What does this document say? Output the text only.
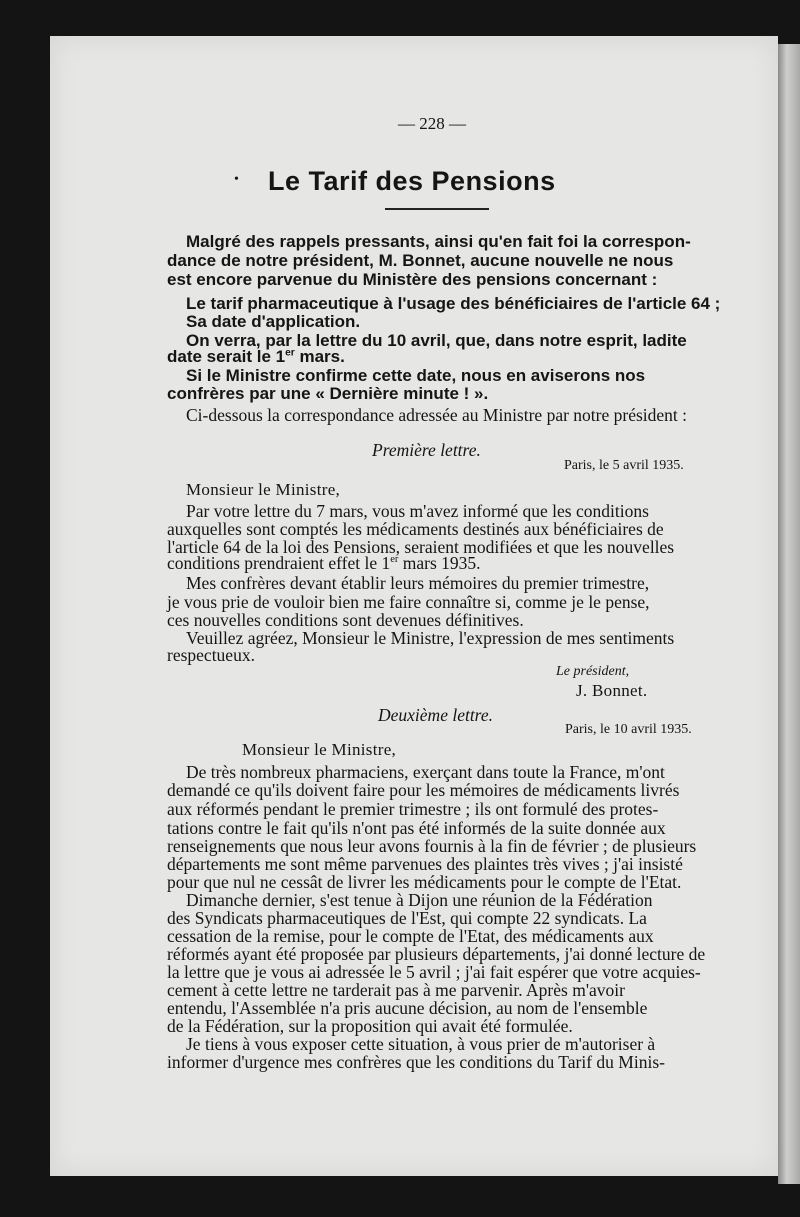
— 228 —
• Le Tarif des Pensions
Malgré des rappels pressants, ainsi qu'en fait foi la correspon-
dance de notre président, M. Bonnet, aucune nouvelle ne nous
est encore parvenue du Ministère des pensions concernant :
Le tarif pharmaceutique à l'usage des bénéficiaires de l'article 64 ;
Sa date d'application.
On verra, par la lettre du 10 avril, que, dans notre esprit, ladite
date serait le 1er mars.
Si le Ministre confirme cette date, nous en aviserons nos
confrères par une « Dernière minute ! ».
Ci-dessous la correspondance adressée au Ministre par notre président :
Première lettre.
Paris, le 5 avril 1935.
Monsieur le Ministre,
Par votre lettre du 7 mars, vous m'avez informé que les conditions
auxquelles sont comptés les médicaments destinés aux bénéficiaires de
l'article 64 de la loi des Pensions, seraient modifiées et que les nouvelles
conditions prendraient effet le 1er mars 1935.
Mes confrères devant établir leurs mémoires du premier trimestre,
je vous prie de vouloir bien me faire connaître si, comme je le pense,
ces nouvelles conditions sont devenues définitives.
Veuillez agréez, Monsieur le Ministre, l'expression de mes sentiments
respectueux.
Le président,
J. Bonnet.
Deuxième lettre.
Paris, le 10 avril 1935.
Monsieur le Ministre,
De très nombreux pharmaciens, exerçant dans toute la France, m'ont
demandé ce qu'ils doivent faire pour les mémoires de médicaments livrés
aux réformés pendant le premier trimestre ; ils ont formulé des protes-
tations contre le fait qu'ils n'ont pas été informés de la suite donnée aux
renseignements que nous leur avons fournis à la fin de février ; de plusieurs
départements me sont même parvenues des plaintes très vives ; j'ai insisté
pour que nul ne cessât de livrer les médicaments pour le compte de l'Etat.
Dimanche dernier, s'est tenue à Dijon une réunion de la Fédération
des Syndicats pharmaceutiques de l'Est, qui compte 22 syndicats. La
cessation de la remise, pour le compte de l'Etat, des médicaments aux
réformés ayant été proposée par plusieurs départements, j'ai donné lecture de
la lettre que je vous ai adressée le 5 avril ; j'ai fait espérer que votre acquies-
cement à cette lettre ne tarderait pas à me parvenir. Après m'avoir
entendu, l'Assemblée n'a pris aucune décision, au nom de l'ensemble
de la Fédération, sur la proposition qui avait été formulée.
Je tiens à vous exposer cette situation, à vous prier de m'autoriser à
informer d'urgence mes confrères que les conditions du Tarif du Minis-
